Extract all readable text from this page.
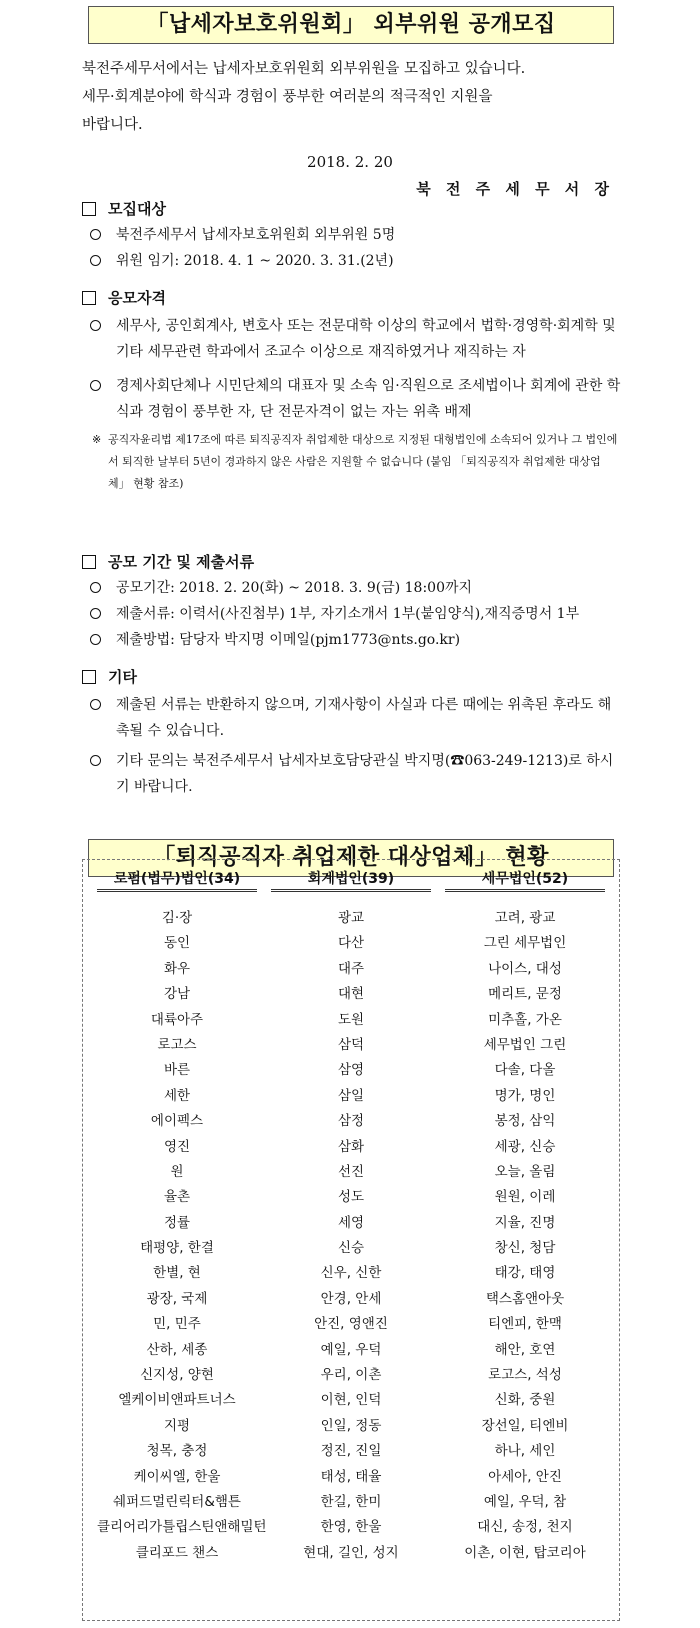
「납세자보호위원회」 외부위원 공개모집
북전주세무서에서는 납세자보호위원회 외부위원을 모집하고 있습니다.
세무·회계분야에 학식과 경험이 풍부한 여러분의 적극적인 지원을
바랍니다.
2018. 2. 20
북 전 주 세 무 서 장
모집대상
북전주세무서 납세자보호위원회 외부위원 5명
위원 임기: 2018. 4. 1 ~ 2020. 3. 31.(2년)
응모자격
세무사, 공인회계사, 변호사 또는 전문대학 이상의 학교에서 법학·경영학·회계학 및 기타 세무관련 학과에서 조교수 이상으로 재직하였거나 재직하는 자
경제사회단체나 시민단체의 대표자 및 소속 임·직원으로 조세법이나 회계에 관한 학식과 경험이 풍부한 자, 단 전문자격이 없는 자는 위촉 배제
※ 공직자윤리법 제17조에 따른 퇴직공직자 취업제한 대상으로 지정된 대형법인에 소속되어 있거나 그 법인에서 퇴직한 날부터 5년이 경과하지 않은 사람은 지원할 수 없습니다 (붙임 「퇴직공직자 취업제한 대상업체」 현황 참조)
공모 기간 및 제출서류
공모기간: 2018. 2. 20(화) ~ 2018. 3. 9(금) 18:00까지
제출서류: 이력서(사진첨부) 1부, 자기소개서 1부(붙임양식),재직증명서 1부
제출방법: 담당자 박지명 이메일(pjm1773@nts.go.kr)
기타
제출된 서류는 반환하지 않으며, 기재사항이 사실과 다른 때에는 위촉된 후라도 해촉될 수 있습니다.
기타 문의는 북전주세무서 납세자보호담당관실 박지명(☎063-249-1213)로 하시기 바랍니다.
「퇴직공직자 취업제한 대상업체」 현황
로펌(법무)법인(34)
김·장
동인
화우
강남
대륙아주
로고스
바른
세한
에이펙스
영진
원
율촌
정률
태평양, 한결
한별, 현
광장, 국제
민, 민주
산하, 세종
신지성, 양현
엘케이비앤파트너스
지평
청목, 충정
케이씨엘, 한울
쉐퍼드멀린릭터&햄튼
클리어리가틀립스틴앤해밀턴
클리포드 챈스
회계법인(39)
광교
다산
대주
대현
도원
삼덕
삼영
삼일
삼정
삼화
선진
성도
세영
신승
신우, 신한
안경, 안세
안진, 영앤진
예일, 우덕
우리, 이촌
이현, 인덕
인일, 정동
정진, 진일
태성, 태율
한길, 한미
한영, 한울
현대, 길인, 성지
세무법인(52)
고려, 광교
그린 세무법인
나이스, 대성
메리트, 문정
미추홀, 가온
세무법인 그린
다솔, 다올
명가, 명인
봉정, 삼익
세광, 신승
오늘, 올림
원원, 이레
지율, 진명
창신, 청담
태강, 태영
택스홈앤아웃
티엔피, 한맥
해안, 호연
로고스, 석성
신화, 중원
장선일, 티엔비
하나, 세인
아세아, 안진
예일, 우덕, 참
대신, 송정, 천지
이촌, 이현, 탑코리아
